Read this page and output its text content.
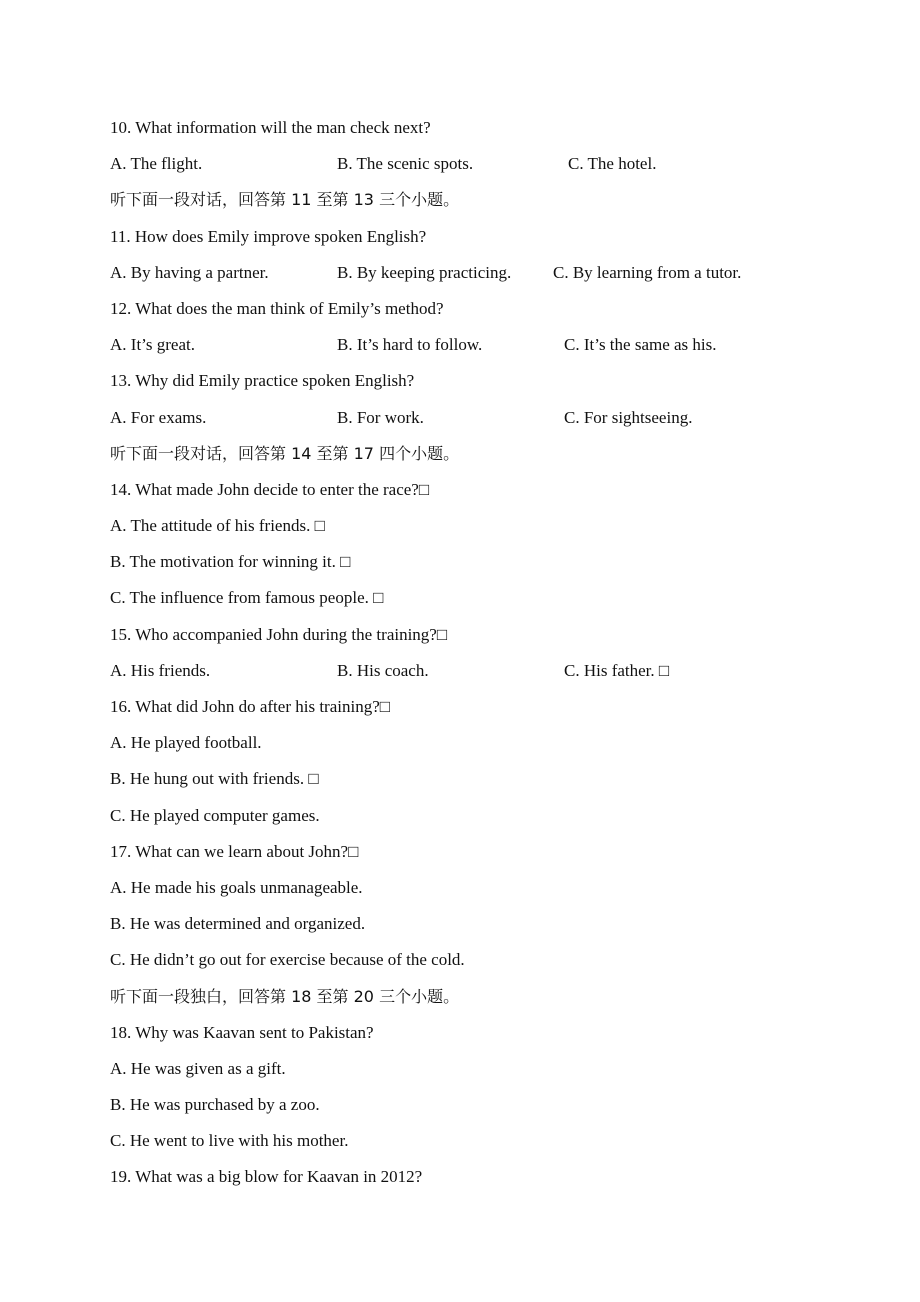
10. What information will the man check next?
A. The flight.	B. The scenic spots.	C. The hotel.
听下面一段对话，回答第 11 至第 13 三个小题。
11. How does Emily improve spoken English?
A. By having a partner.	B. By keeping practicing. C. By learning from a tutor.
12. What does the man think of Emily’s method?
A. It’s great.	B. It’s hard to follow.	C. It’s the same as his.
13. Why did Emily practice spoken English?
A. For exams.	B. For work.	C. For sightseeing.
听下面一段对话，回答第 14 至第 17 四个小题。
14. What made John decide to enter the race?□
A. The attitude of his friends. □
B. The motivation for winning it. □
C. The influence from famous people. □
15. Who accompanied John during the training?□
A. His friends.	B. His coach.	C. His father. □
16. What did John do after his training?□
A. He played football.
B. He hung out with friends. □
C. He played computer games.
17. What can we learn about John?□
A. He made his goals unmanageable.
B. He was determined and organized.
C. He didn’t go out for exercise because of the cold.
听下面一段独白，回答第 18 至第 20 三个小题。
18. Why was Kaavan sent to Pakistan?
A. He was given as a gift.
B. He was purchased by a zoo.
C. He went to live with his mother.
19. What was a big blow for Kaavan in 2012?
